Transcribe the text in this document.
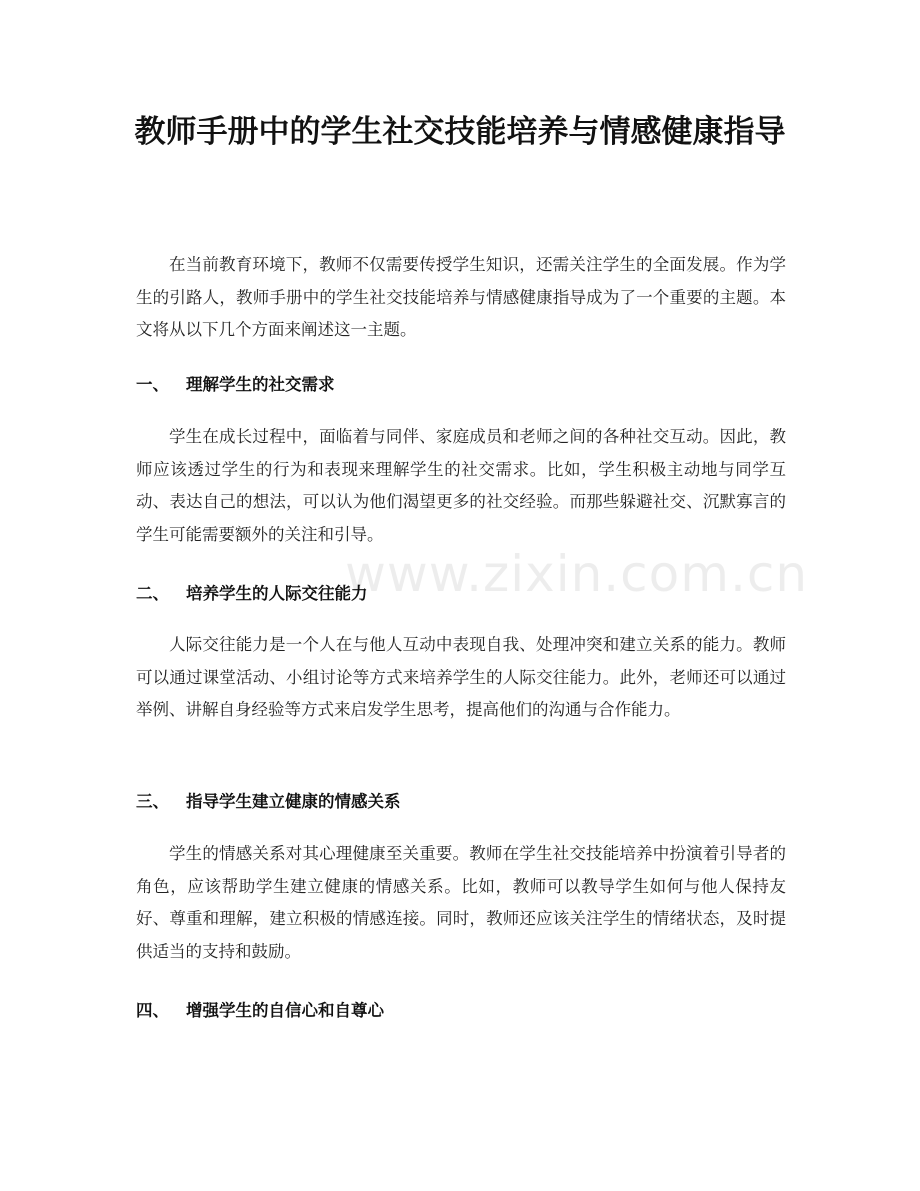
教师手册中的学生社交技能培养与情感健康指导

在当前教育环境下，教师不仅需要传授学生知识，还需关注学生的全面发展。作为学生的引路人，教师手册中的学生社交技能培养与情感健康指导成为了一个重要的主题。本文将从以下几个方面来阐述这一主题。

一、 理解学生的社交需求

学生在成长过程中，面临着与同伴、家庭成员和老师之间的各种社交互动。因此，教师应该透过学生的行为和表现来理解学生的社交需求。比如，学生积极主动地与同学互动、表达自己的想法，可以认为他们渴望更多的社交经验。而那些躲避社交、沉默寡言的学生可能需要额外的关注和引导。

二、 培养学生的人际交往能力

人际交往能力是一个人在与他人互动中表现自我、处理冲突和建立关系的能力。教师可以通过课堂活动、小组讨论等方式来培养学生的人际交往能力。此外，老师还可以通过举例、讲解自身经验等方式来启发学生思考，提高他们的沟通与合作能力。

三、 指导学生建立健康的情感关系

学生的情感关系对其心理健康至关重要。教师在学生社交技能培养中扮演着引导者的角色，应该帮助学生建立健康的情感关系。比如，教师可以教导学生如何与他人保持友好、尊重和理解，建立积极的情感连接。同时，教师还应该关注学生的情绪状态，及时提供适当的支持和鼓励。

四、 增强学生的自信心和自尊心
www.zixin.com.cn
